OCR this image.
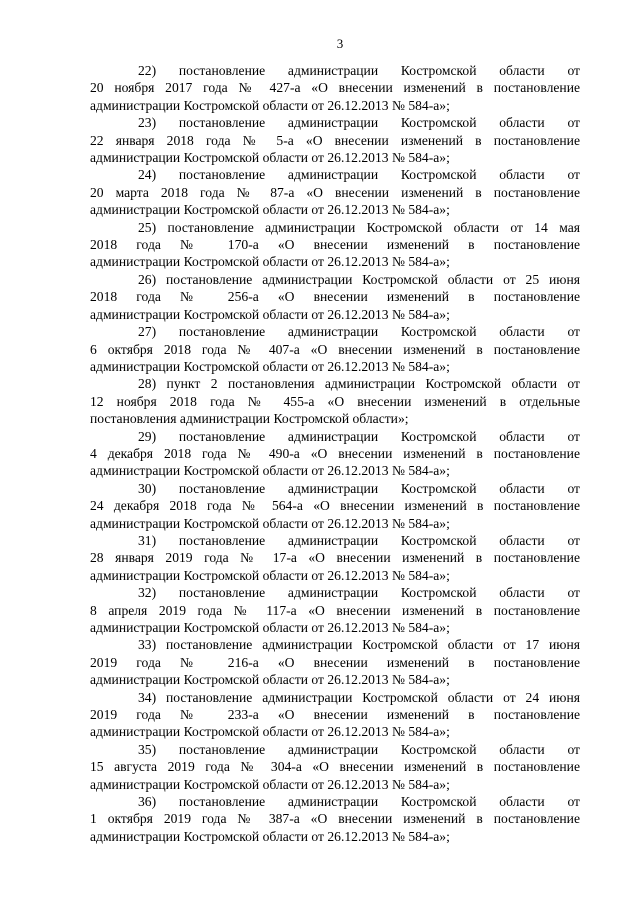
3
22) постановление администрации Костромской области от
20 ноября 2017 года № 427-а «О внесении изменений в постановление
администрации Костромской области от 26.12.2013 № 584-а»;
23) постановление администрации Костромской области от
22 января 2018 года № 5-а «О внесении изменений в постановление
администрации Костромской области от 26.12.2013 № 584-а»;
24) постановление администрации Костромской области от
20 марта 2018 года № 87-а «О внесении изменений в постановление
администрации Костромской области от 26.12.2013 № 584-а»;
25) постановление администрации Костромской области от 14 мая
2018 года № 170-а «О внесении изменений в постановление
администрации Костромской области от 26.12.2013 № 584-а»;
26) постановление администрации Костромской области от 25 июня
2018 года № 256-а «О внесении изменений в постановление
администрации Костромской области от 26.12.2013 № 584-а»;
27) постановление администрации Костромской области от
6 октября 2018 года № 407-а «О внесении изменений в постановление
администрации Костромской области от 26.12.2013 № 584-а»;
28) пункт 2 постановления администрации Костромской области от
12 ноября 2018 года № 455-а «О внесении изменений в отдельные
постановления администрации Костромской области»;
29) постановление администрации Костромской области от
4 декабря 2018 года № 490-а «О внесении изменений в постановление
администрации Костромской области от 26.12.2013 № 584-а»;
30) постановление администрации Костромской области от
24 декабря 2018 года № 564-а «О внесении изменений в постановление
администрации Костромской области от 26.12.2013 № 584-а»;
31) постановление администрации Костромской области от
28 января 2019 года № 17-а «О внесении изменений в постановление
администрации Костромской области от 26.12.2013 № 584-а»;
32) постановление администрации Костромской области от
8 апреля 2019 года № 117-а «О внесении изменений в постановление
администрации Костромской области от 26.12.2013 № 584-а»;
33) постановление администрации Костромской области от 17 июня
2019 года № 216-а «О внесении изменений в постановление
администрации Костромской области от 26.12.2013 № 584-а»;
34) постановление администрации Костромской области от 24 июня
2019 года № 233-а «О внесении изменений в постановление
администрации Костромской области от 26.12.2013 № 584-а»;
35) постановление администрации Костромской области от
15 августа 2019 года № 304-а «О внесении изменений в постановление
администрации Костромской области от 26.12.2013 № 584-а»;
36) постановление администрации Костромской области от
1 октября 2019 года № 387-а «О внесении изменений в постановление
администрации Костромской области от 26.12.2013 № 584-а»;
